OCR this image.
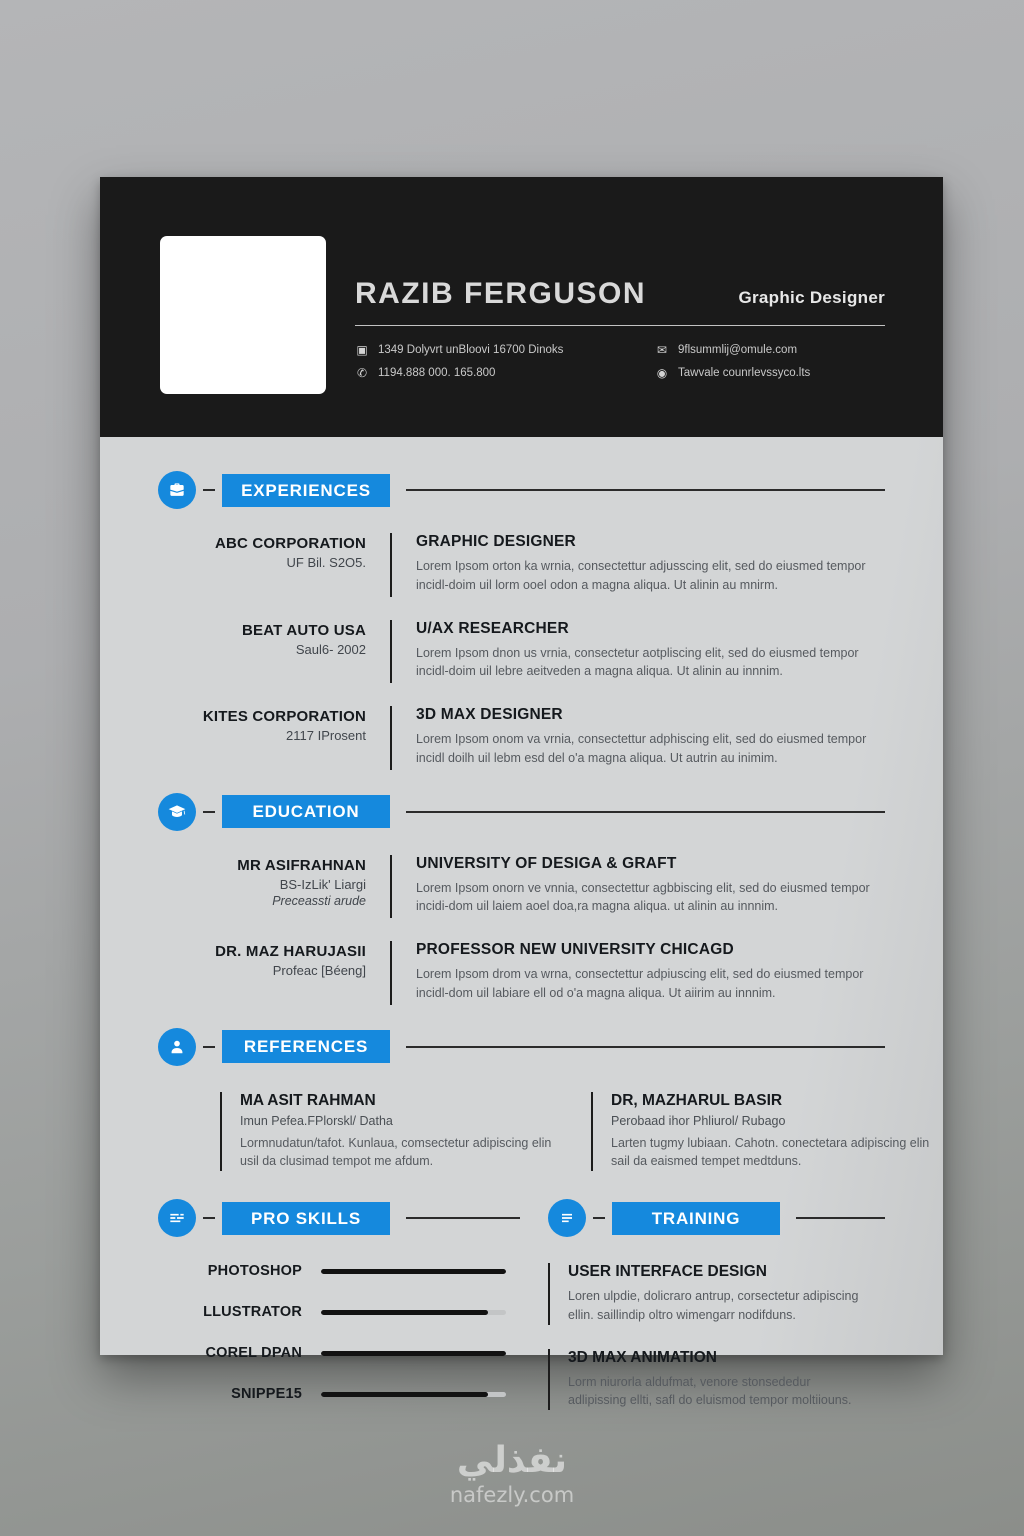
RAZIB FERGUSON	Graphic Designer
▣ 1349 Dolyvrt unBloovi 16700 Dinoks	✉ 9flsummlij@omule.com
✆ 1194.888 000. 165.800	◉ Tawvale counrlevssyco.lts
EXPERIENCES
ABC CORPORATION
UF Bil. S2O5.
GRAPHIC DESIGNER
Lorem Ipsom orton ka wrnia, consectettur adjusscing elit, sed do eiusmed tempor incidl-doim uil lorm ooel odon a magna aliqua. Ut alinin au mnirm.
BEAT AUTO USA
Saul6- 2002
U/AX RESEARCHER
Lorem Ipsom dnon us vrnia, consectetur aotpliscing elit, sed do eiusmed tempor incidl-doim uil lebre aeitveden a magna aliqua. Ut alinin au innnim.
KITES CORPORATION
2117 IProsent
3D MAX DESIGNER
Lorem Ipsom onom va vrnia, consectettur adphiscing elit, sed do eiusmed tempor incidl doilh uil lebm esd del o'a magna aliqua. Ut autrin au inimim.
EDUCATION
MR ASIFRAHNAN
BS-IzLik' Liargi
Preceassti arude
UNIVERSITY OF DESIGA & GRAFT
Lorem Ipsom onorn ve vnnia, consectettur agbbiscing elit, sed do eiusmed tempor incidi-dom uil laiem aoel doa,ra magna aliqua. ut alinin au innnim.
DR. MAZ HARUJASII
Profeac [Béeng]
PROFESSOR NEW UNIVERSITY CHICAGD
Lorem Ipsom drom va wrna, consectettur adpiuscing elit, sed do eiusmed tempor incidl-dom uil labiare ell od o'a magna aliqua. Ut aiirim au innnim.
REFERENCES
MA ASIT RAHMAN
Imun Pefea.FPlorskl/ Datha
Lormnudatun/tafot. Kunlaua, comsectetur adipiscing elin usil da clusimad tempot me afdum.
DR, MAZHARUL BASIR
Perobaad ihor Phliurol/ Rubago
Larten tugmy lubiaan. Cahotn. conectetara adipiscing elin sail da eaismed tempet medtduns.
PRO SKILLS
PHOTOSHOP
LLUSTRATOR
COREL DPAN
SNIPPE15
TRAINING
USER INTERFACE DESIGN
Loren ulpdie, dolicraro antrup, corsectetur adipiscing ellin. saillindip oltro wimengarr nodifduns.
3D MAX ANIMATION
Lorm niurorla aldufmat, venore stonsededur adlipissing ellti, safl do eluismod tempor moltiiouns.
نفذلي
nafezly.com
